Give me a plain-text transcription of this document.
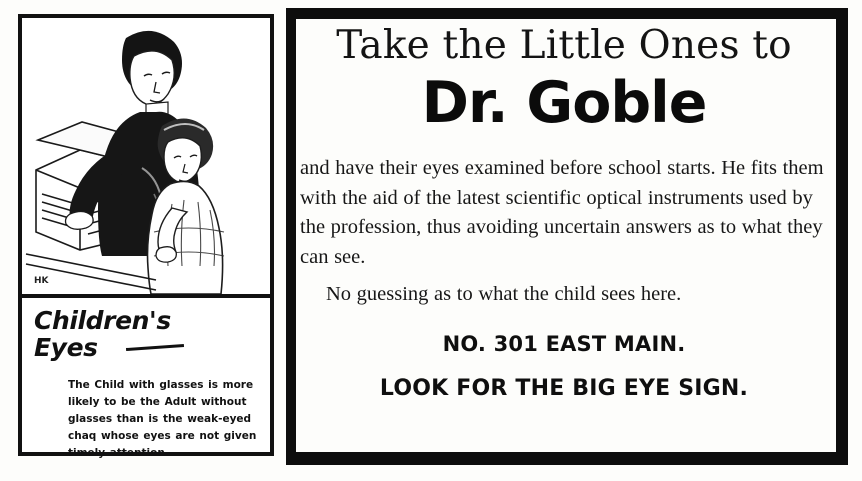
HK
Children's
Eyes
The Child with glasses is more likely to be the Adult without glasses than is the weak-eyed chaq whose eyes are not given timely attention.
Take the Little Ones to
Dr. Goble

and have their eyes examined before school starts. He fits them with the aid of the latest scientific optical instruments used by the profession, thus avoiding uncertain answers as to what they can see.

No guessing as to what the child sees here.

NO. 301 EAST MAIN.
LOOK FOR THE BIG EYE SIGN.
